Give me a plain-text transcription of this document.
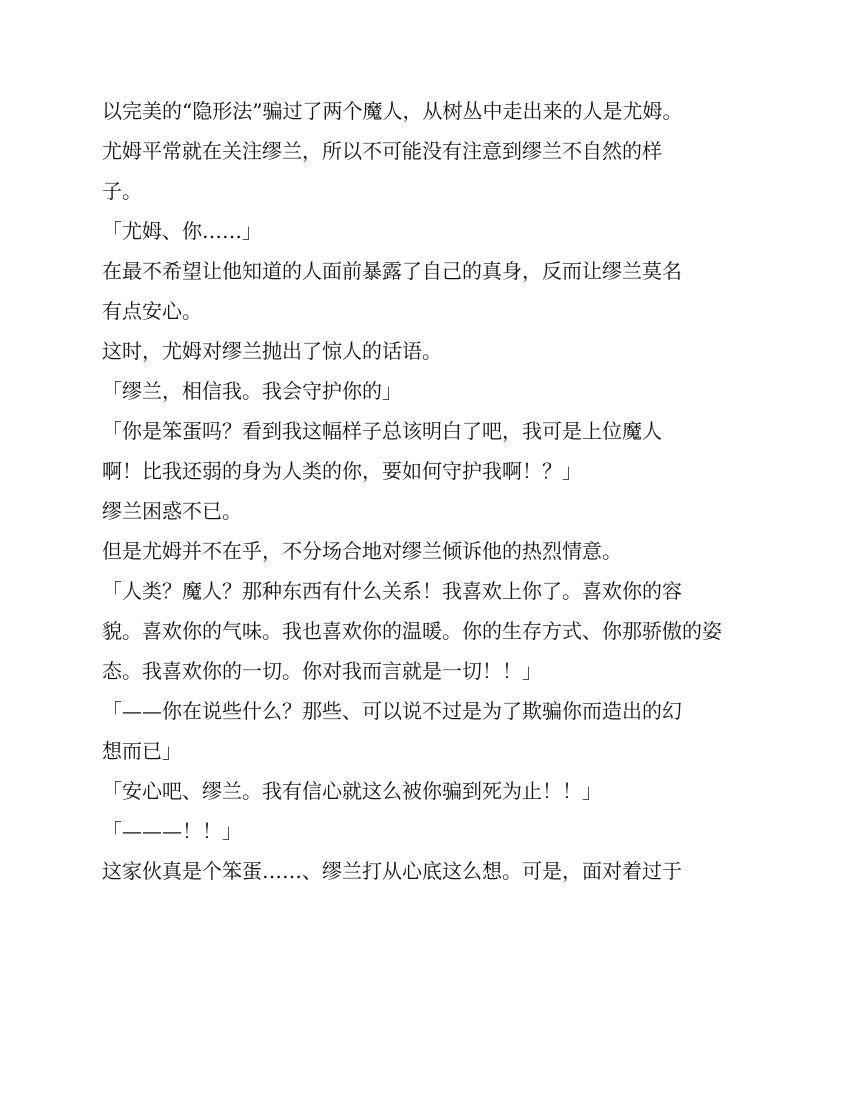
以完美的“隐形法”骗过了两个魔人，从树丛中走出来的人是尤姆。

尤姆平常就在关注缪兰，所以不可能没有注意到缪兰不自然的样

子。

「尤姆、你……」

在最不希望让他知道的人面前暴露了自己的真身，反而让缪兰莫名

有点安心。

这时，尤姆对缪兰抛出了惊人的话语。

「缪兰，相信我。我会守护你的」

「你是笨蛋吗？看到我这幅样子总该明白了吧，我可是上位魔人

啊！比我还弱的身为人类的你，要如何守护我啊！？」

缪兰困惑不已。

但是尤姆并不在乎，不分场合地对缪兰倾诉他的热烈情意。

「人类？魔人？那种东西有什么关系！我喜欢上你了。喜欢你的容

貌。喜欢你的气味。我也喜欢你的温暖。你的生存方式、你那骄傲的姿

态。我喜欢你的一切。你对我而言就是一切！！」

「——你在说些什么？那些、可以说不过是为了欺骗你而造出的幻

想而已」

「安心吧、缪兰。我有信心就这么被你骗到死为止！！」

「———！！」

这家伙真是个笨蛋……、缪兰打从心底这么想。可是，面对着过于
